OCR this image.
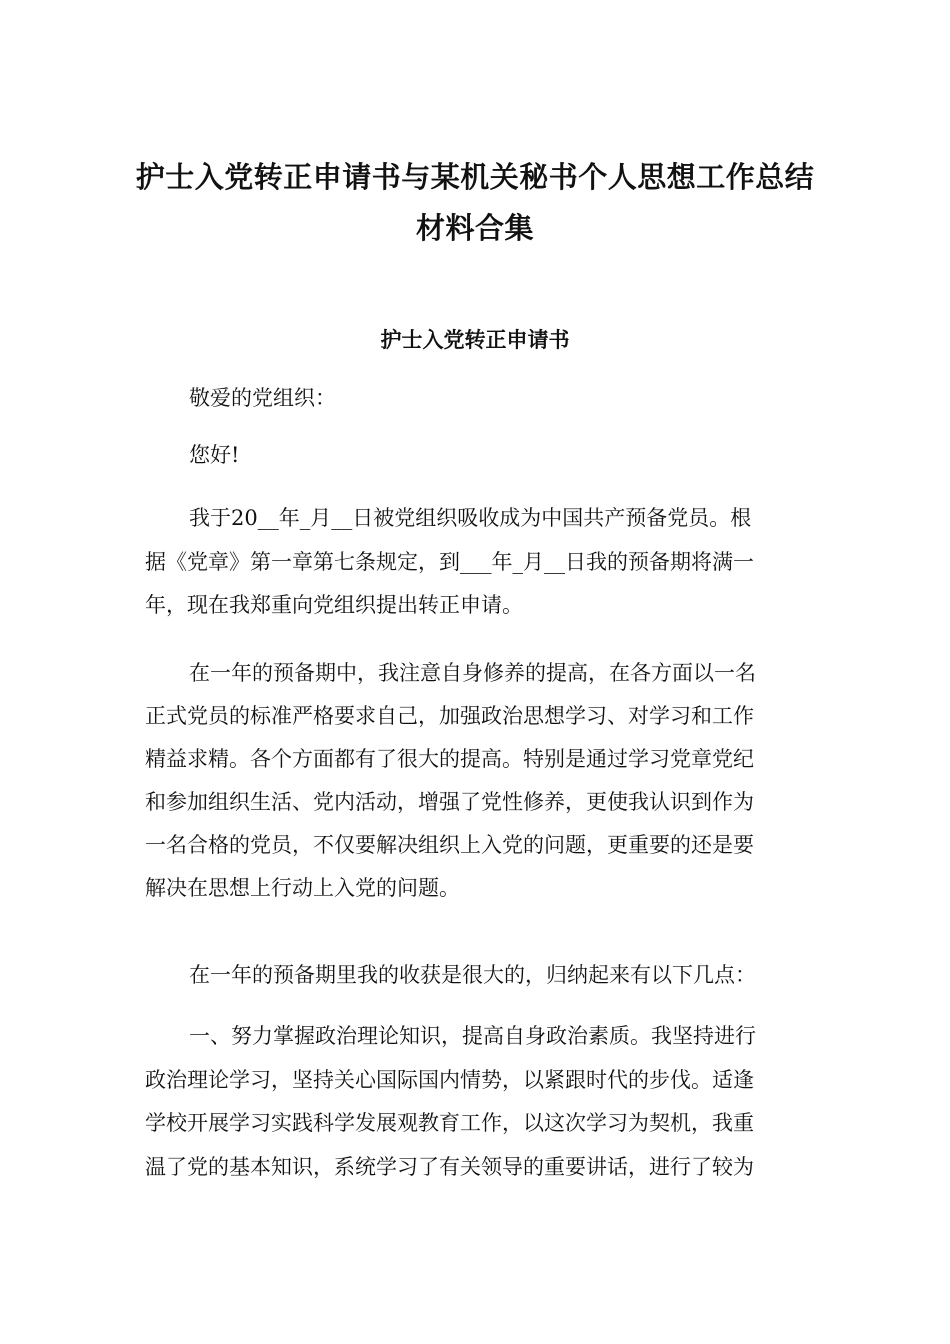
护士入党转正申请书与某机关秘书个人思想工作总结
材料合集
护士入党转正申请书

敬爱的党组织：

您好!

我于20__年_月__日被党组织吸收成为中国共产预备党员。根
据《党章》第一章第七条规定，到___年_月__日我的预备期将满一
年，现在我郑重向党组织提出转正申请。

在一年的预备期中，我注意自身修养的提高，在各方面以一名
正式党员的标准严格要求自己，加强政治思想学习、对学习和工作
精益求精。各个方面都有了很大的提高。特别是通过学习党章党纪
和参加组织生活、党内活动，增强了党性修养，更使我认识到作为
一名合格的党员，不仅要解决组织上入党的问题，更重要的还是要
解决在思想上行动上入党的问题。

在一年的预备期里我的收获是很大的，归纳起来有以下几点：

一、努力掌握政治理论知识，提高自身政治素质。我坚持进行
政治理论学习，坚持关心国际国内情势，以紧跟时代的步伐。适逢
学校开展学习实践科学发展观教育工作，以这次学习为契机，我重
温了党的基本知识，系统学习了有关领导的重要讲话，进行了较为
